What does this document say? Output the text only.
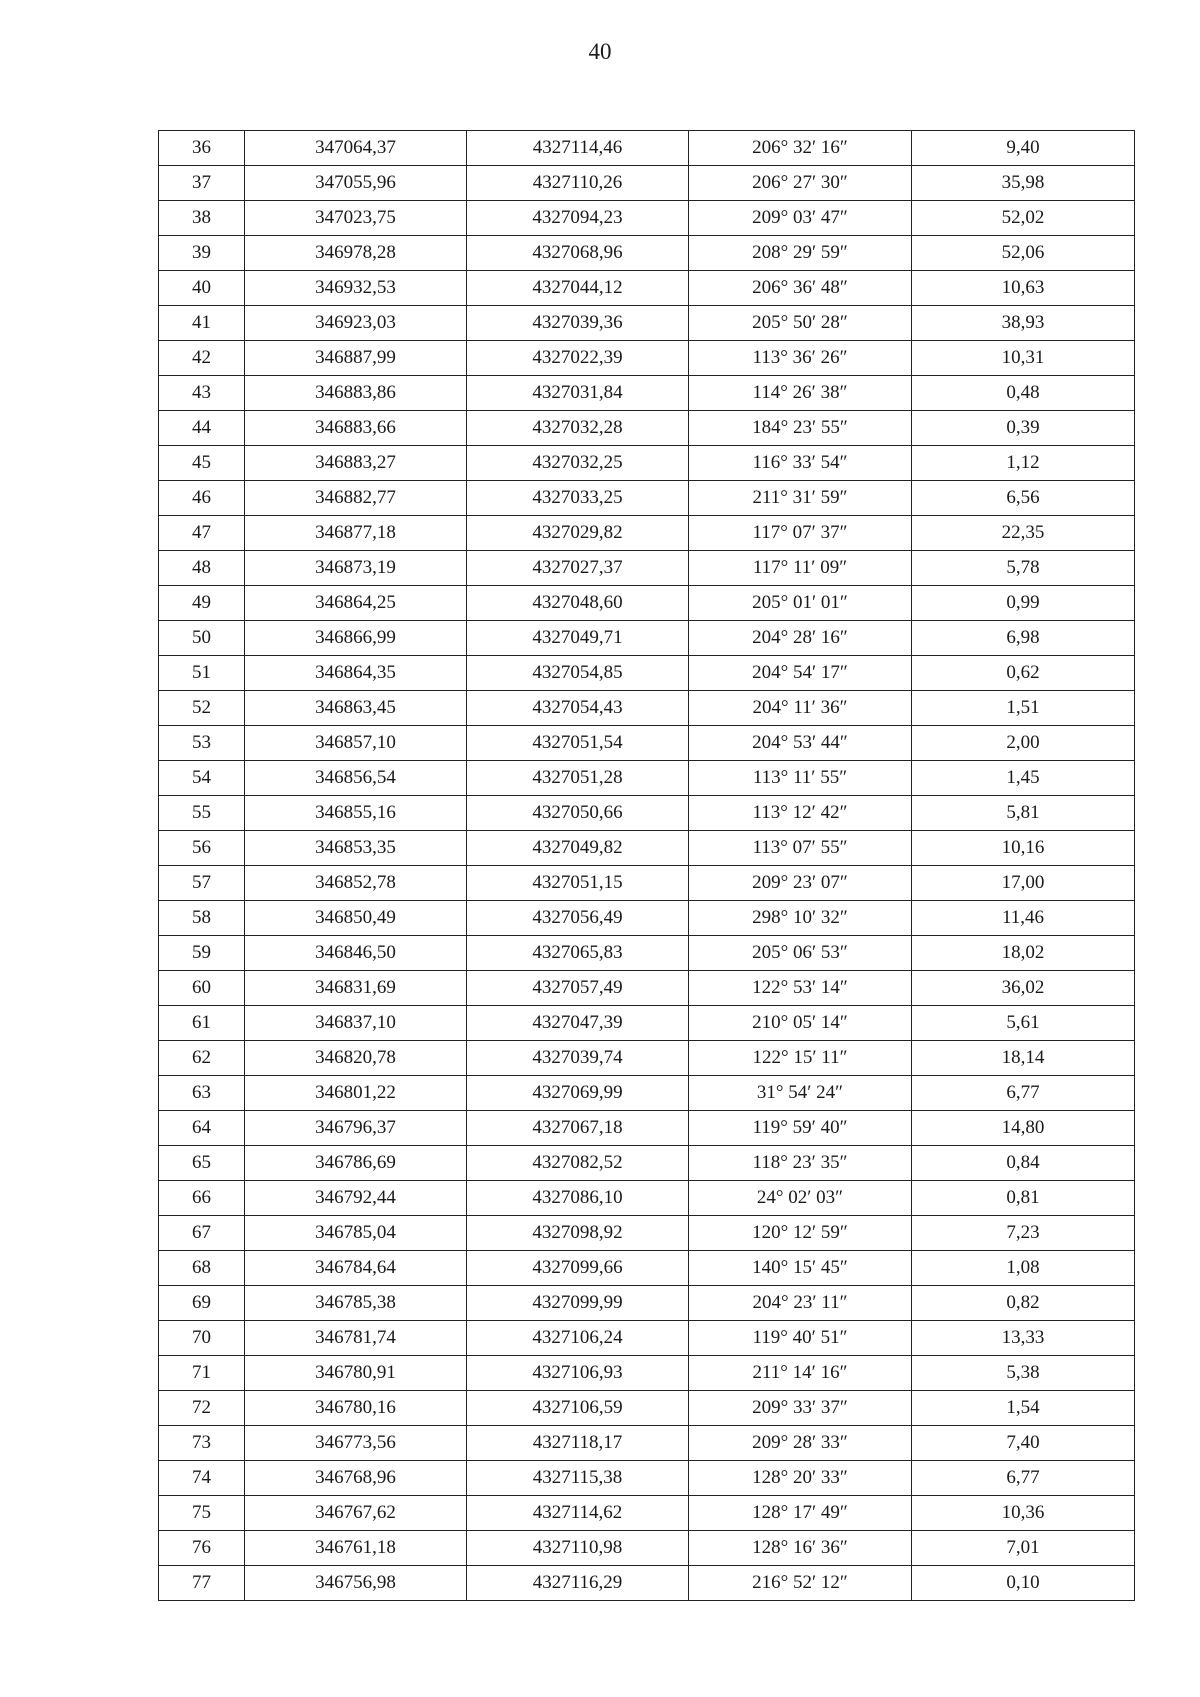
40
36	347064,37	4327114,46	206° 32′ 16″	9,40
37	347055,96	4327110,26	206° 27′ 30″	35,98
38	347023,75	4327094,23	209° 03′ 47″	52,02
39	346978,28	4327068,96	208° 29′ 59″	52,06
40	346932,53	4327044,12	206° 36′ 48″	10,63
41	346923,03	4327039,36	205° 50′ 28″	38,93
42	346887,99	4327022,39	113° 36′ 26″	10,31
43	346883,86	4327031,84	114° 26′ 38″	0,48
44	346883,66	4327032,28	184° 23′ 55″	0,39
45	346883,27	4327032,25	116° 33′ 54″	1,12
46	346882,77	4327033,25	211° 31′ 59″	6,56
47	346877,18	4327029,82	117° 07′ 37″	22,35
48	346873,19	4327027,37	117° 11′ 09″	5,78
49	346864,25	4327048,60	205° 01′ 01″	0,99
50	346866,99	4327049,71	204° 28′ 16″	6,98
51	346864,35	4327054,85	204° 54′ 17″	0,62
52	346863,45	4327054,43	204° 11′ 36″	1,51
53	346857,10	4327051,54	204° 53′ 44″	2,00
54	346856,54	4327051,28	113° 11′ 55″	1,45
55	346855,16	4327050,66	113° 12′ 42″	5,81
56	346853,35	4327049,82	113° 07′ 55″	10,16
57	346852,78	4327051,15	209° 23′ 07″	17,00
58	346850,49	4327056,49	298° 10′ 32″	11,46
59	346846,50	4327065,83	205° 06′ 53″	18,02
60	346831,69	4327057,49	122° 53′ 14″	36,02
61	346837,10	4327047,39	210° 05′ 14″	5,61
62	346820,78	4327039,74	122° 15′ 11″	18,14
63	346801,22	4327069,99	31° 54′ 24″	6,77
64	346796,37	4327067,18	119° 59′ 40″	14,80
65	346786,69	4327082,52	118° 23′ 35″	0,84
66	346792,44	4327086,10	24° 02′ 03″	0,81
67	346785,04	4327098,92	120° 12′ 59″	7,23
68	346784,64	4327099,66	140° 15′ 45″	1,08
69	346785,38	4327099,99	204° 23′ 11″	0,82
70	346781,74	4327106,24	119° 40′ 51″	13,33
71	346780,91	4327106,93	211° 14′ 16″	5,38
72	346780,16	4327106,59	209° 33′ 37″	1,54
73	346773,56	4327118,17	209° 28′ 33″	7,40
74	346768,96	4327115,38	128° 20′ 33″	6,77
75	346767,62	4327114,62	128° 17′ 49″	10,36
76	346761,18	4327110,98	128° 16′ 36″	7,01
77	346756,98	4327116,29	216° 52′ 12″	0,10
